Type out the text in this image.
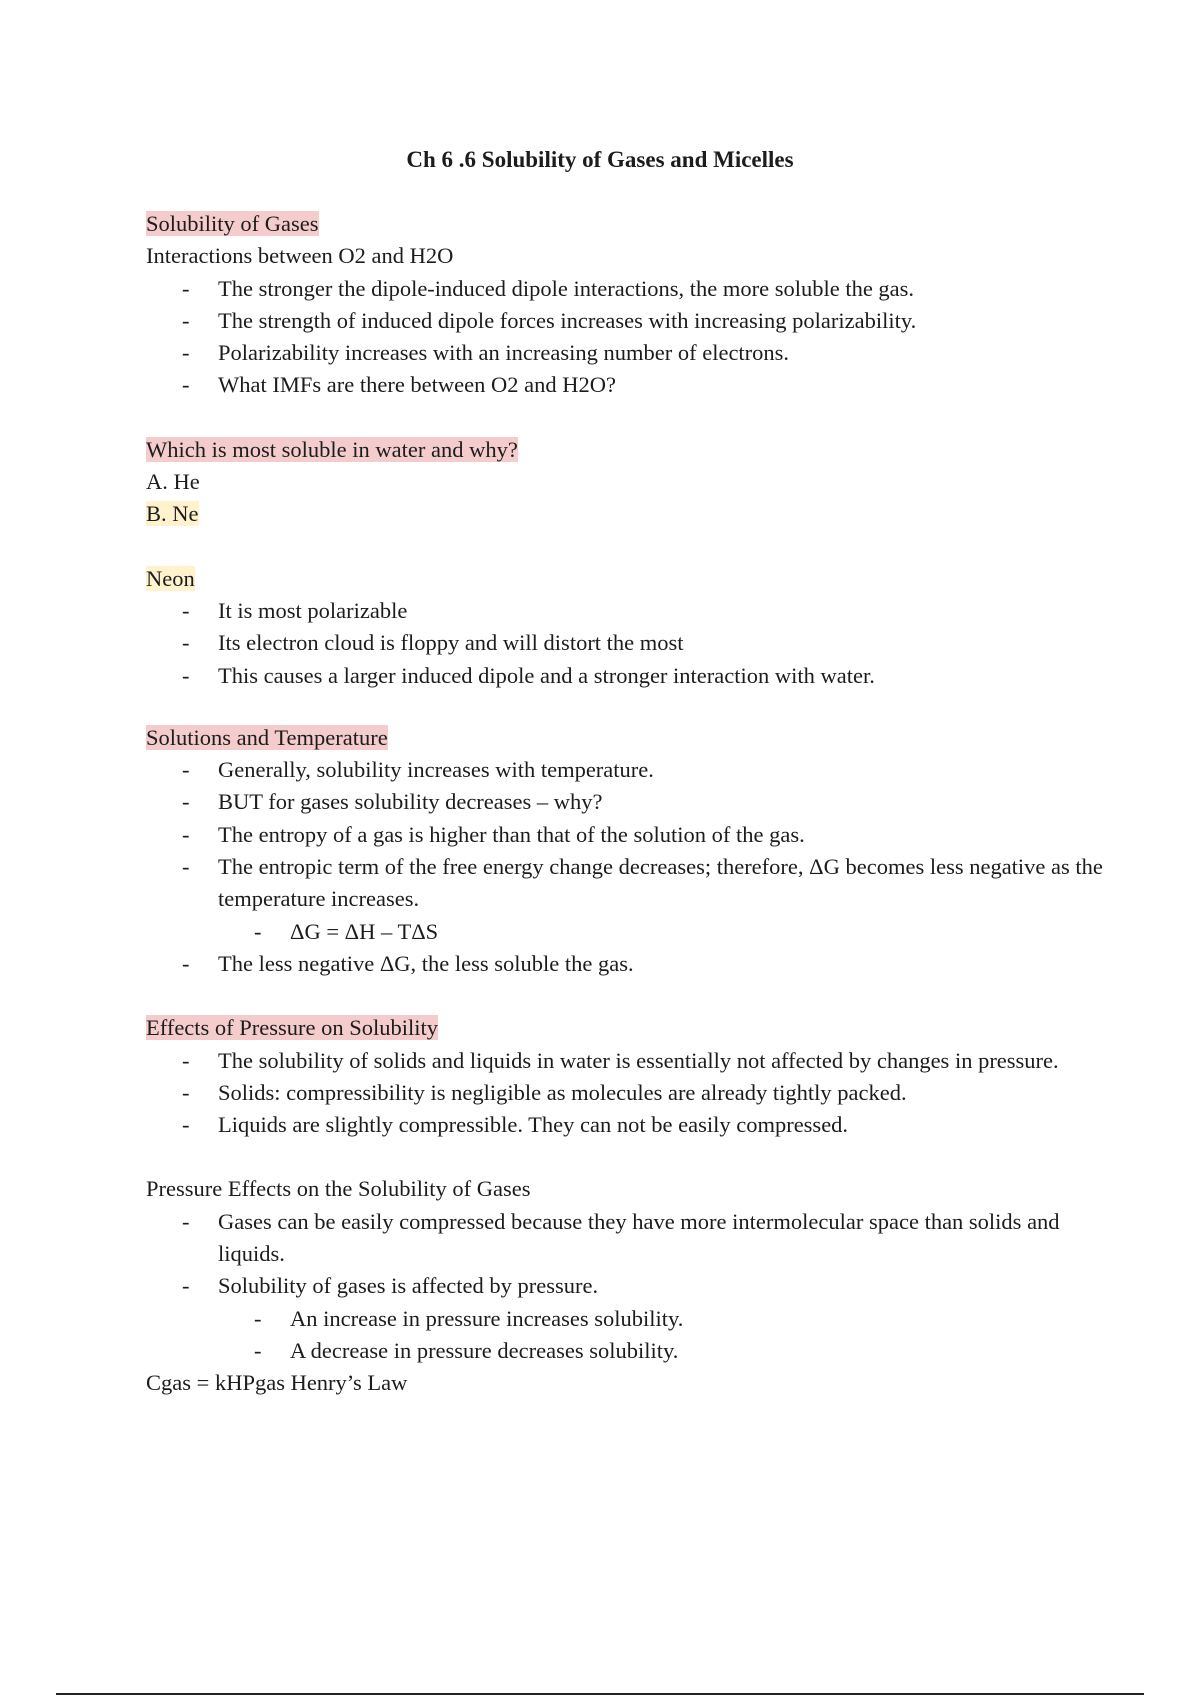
Ch 6 .6 Solubility of Gases and Micelles
Solubility of Gases
Interactions between O2 and H2O
- The stronger the dipole-induced dipole interactions, the more soluble the gas.
- The strength of induced dipole forces increases with increasing polarizability.
- Polarizability increases with an increasing number of electrons.
- What IMFs are there between O2 and H2O?
Which is most soluble in water and why?
A. He
B. Ne
Neon
- It is most polarizable
- Its electron cloud is floppy and will distort the most
- This causes a larger induced dipole and a stronger interaction with water.
Solutions and Temperature
- Generally, solubility increases with temperature.
- BUT for gases solubility decreases – why?
- The entropy of a gas is higher than that of the solution of the gas.
- The entropic term of the free energy change decreases; therefore, ΔG becomes less negative as the temperature increases.
- ΔG = ΔH – TΔS
- The less negative ΔG, the less soluble the gas.
Effects of Pressure on Solubility
- The solubility of solids and liquids in water is essentially not affected by changes in pressure.
- Solids: compressibility is negligible as molecules are already tightly packed.
- Liquids are slightly compressible. They can not be easily compressed.
Pressure Effects on the Solubility of Gases
- Gases can be easily compressed because they have more intermolecular space than solids and liquids.
- Solubility of gases is affected by pressure.
- An increase in pressure increases solubility.
- A decrease in pressure decreases solubility.
Cgas = kHPgas Henry’s Law
